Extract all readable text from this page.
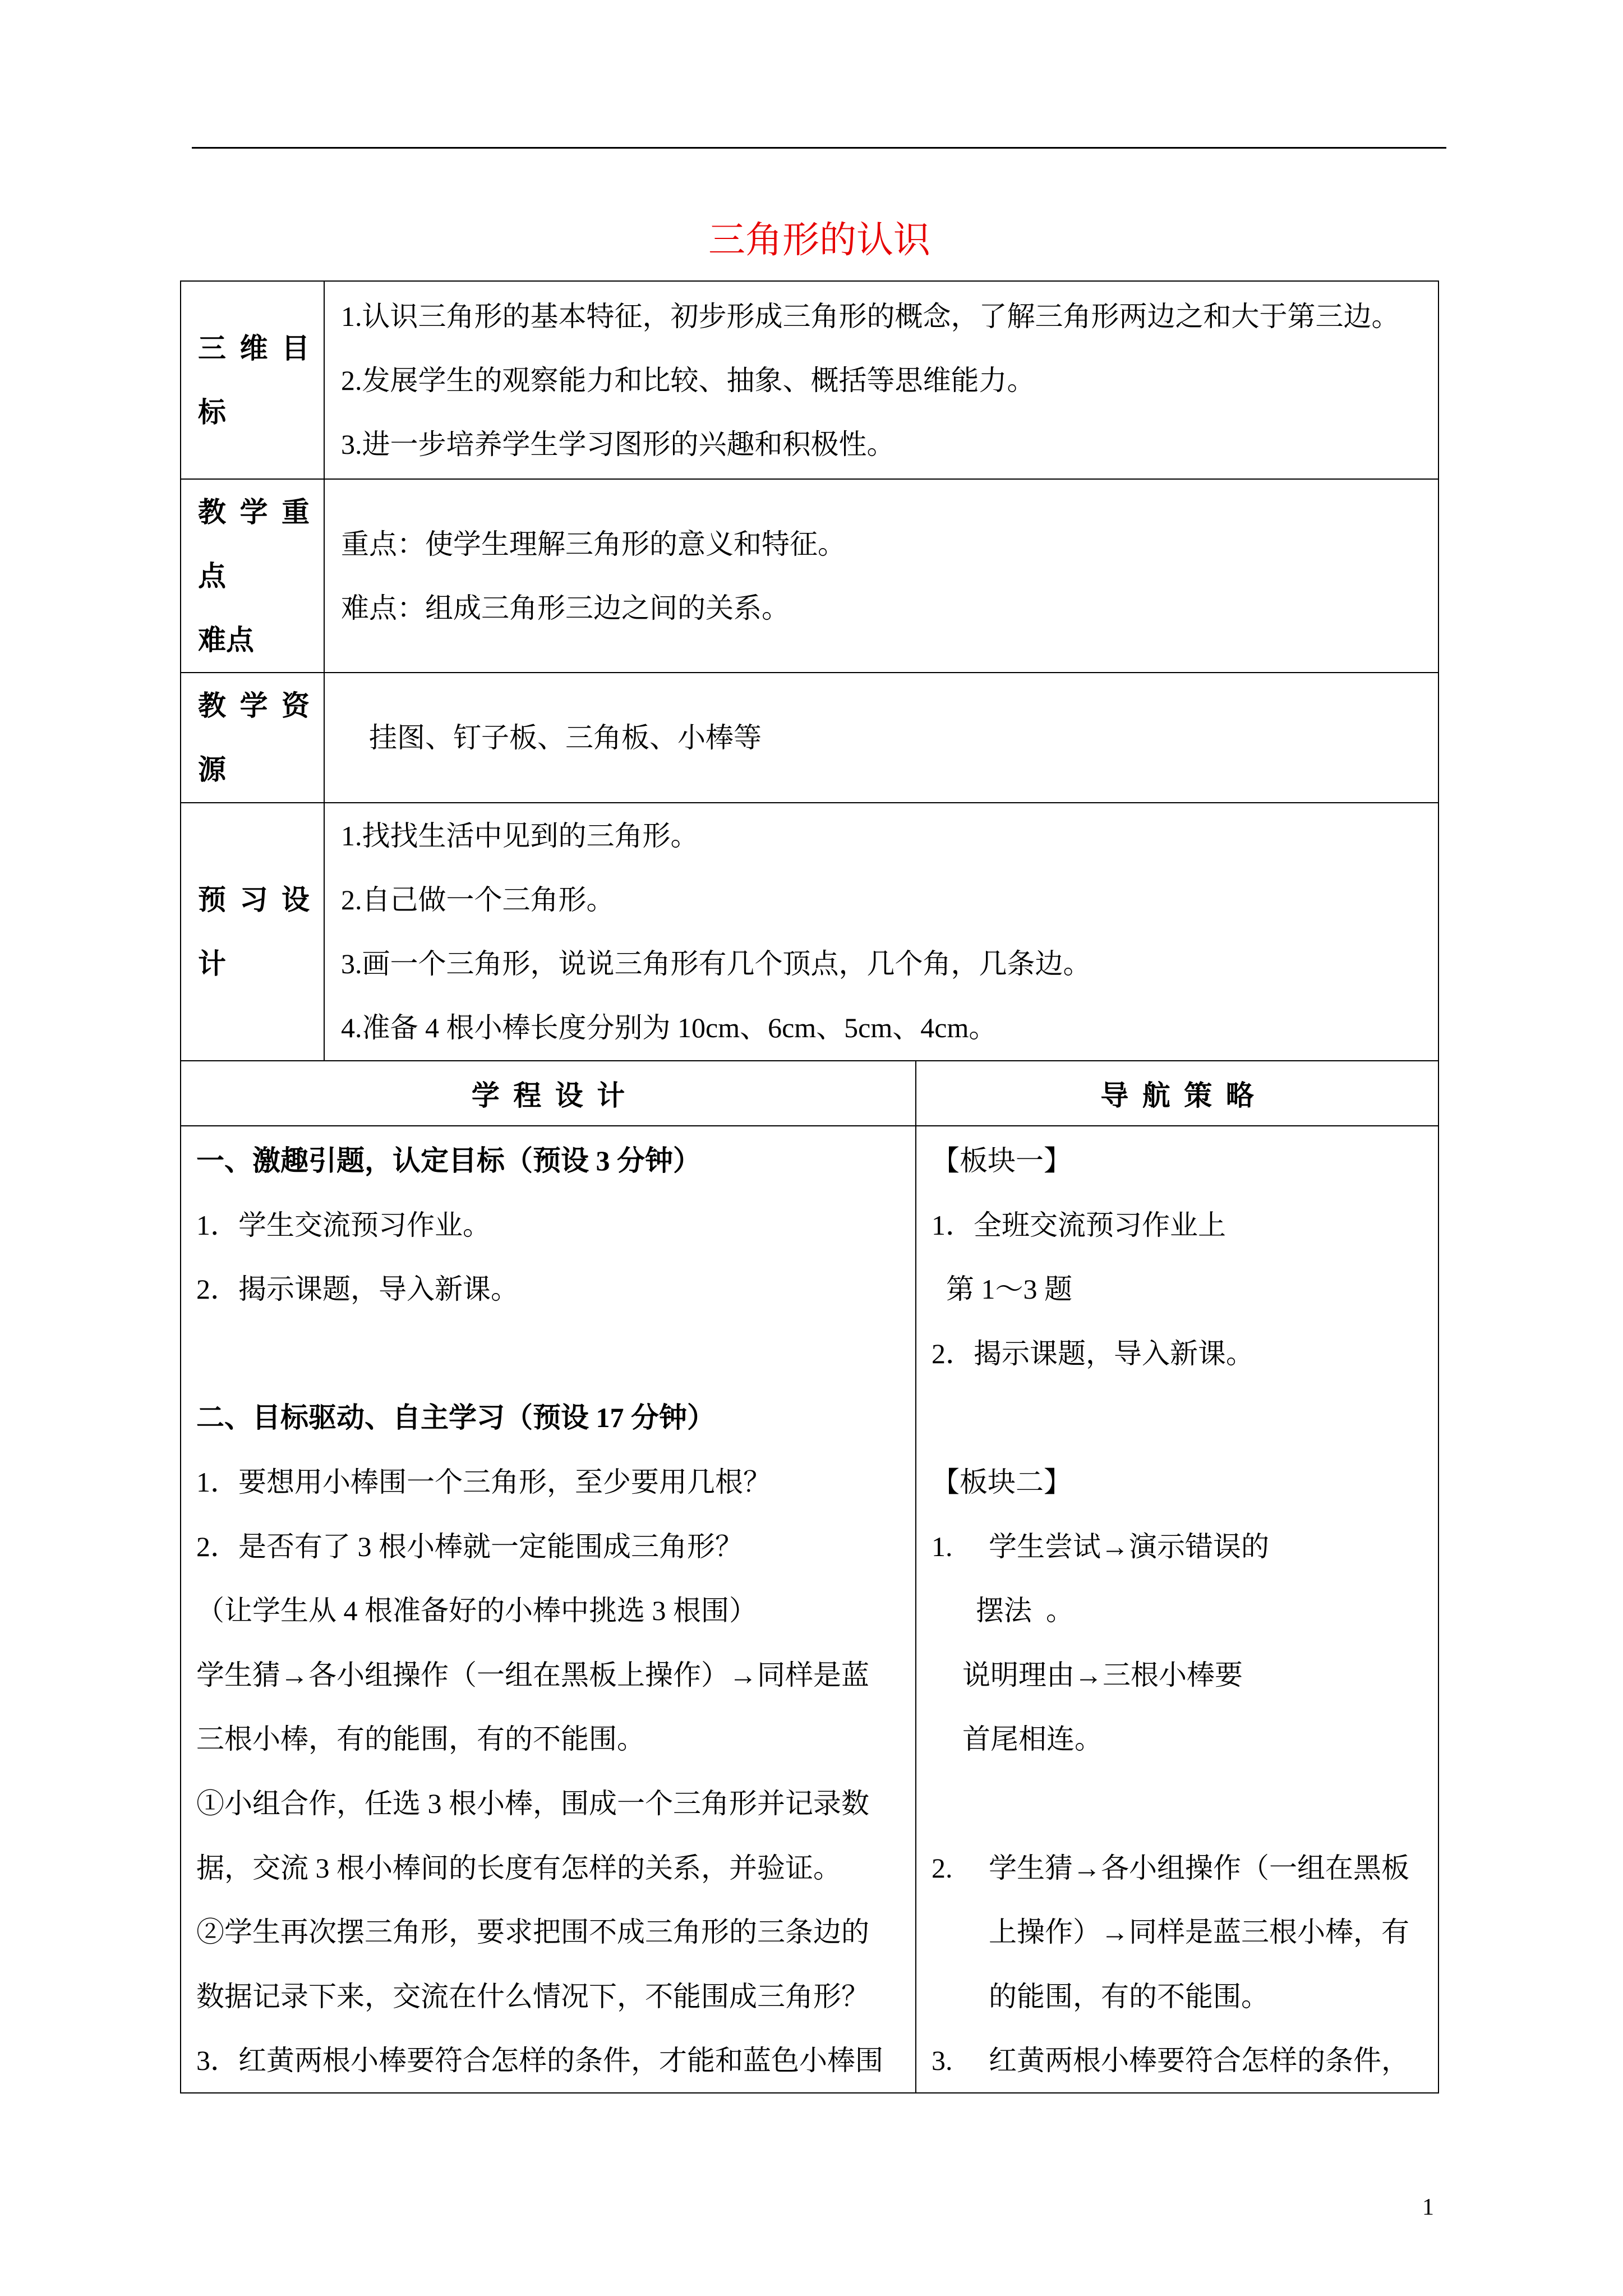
三角形的认识
三 维 目
标
1.认识三角形的基本特征，初步形成三角形的概念，了解三角形两边之和大于第三边。
2.发展学生的观察能力和比较、抽象、概括等思维能力。
3.进一步培养学生学习图形的兴趣和积极性。
教 学 重
点
难点
重点：使学生理解三角形的意义和特征。
难点：组成三角形三边之间的关系。
教 学 资
源
挂图、钉子板、三角板、小棒等
预 习 设
计
1.找找生活中见到的三角形。
2.自己做一个三角形。
3.画一个三角形，说说三角形有几个顶点，几个角，几条边。
4.准备 4 根小棒长度分别为 10cm、6cm、5cm、4cm。
学 程 设 计	导 航 策 略
一、激趣引题，认定目标（预设 3 分钟）
1．学生交流预习作业。
2．揭示课题，导入新课。
二、目标驱动、自主学习（预设 17 分钟）
1．要想用小棒围一个三角形，至少要用几根？
2．是否有了 3 根小棒就一定能围成三角形？
（让学生从 4 根准备好的小棒中挑选 3 根围）
学生猜→各小组操作（一组在黑板上操作）→同样是蓝
三根小棒，有的能围，有的不能围。
①小组合作，任选 3 根小棒，围成一个三角形并记录数
据，交流 3 根小棒间的长度有怎样的关系，并验证。
②学生再次摆三角形，要求把围不成三角形的三条边的
数据记录下来，交流在什么情况下，不能围成三角形？
3．红黄两根小棒要符合怎样的条件，才能和蓝色小棒围
【板块一】
1．全班交流预习作业上
第 1～3 题
2．揭示课题，导入新课。
【板块二】
1. 学生尝试→演示错误的
摆法  。
说明理由→三根小棒要
首尾相连。
2. 学生猜→各小组操作（一组在黑板
上操作）→同样是蓝三根小棒，有
的能围，有的不能围。
3. 红黄两根小棒要符合怎样的条件，
1
